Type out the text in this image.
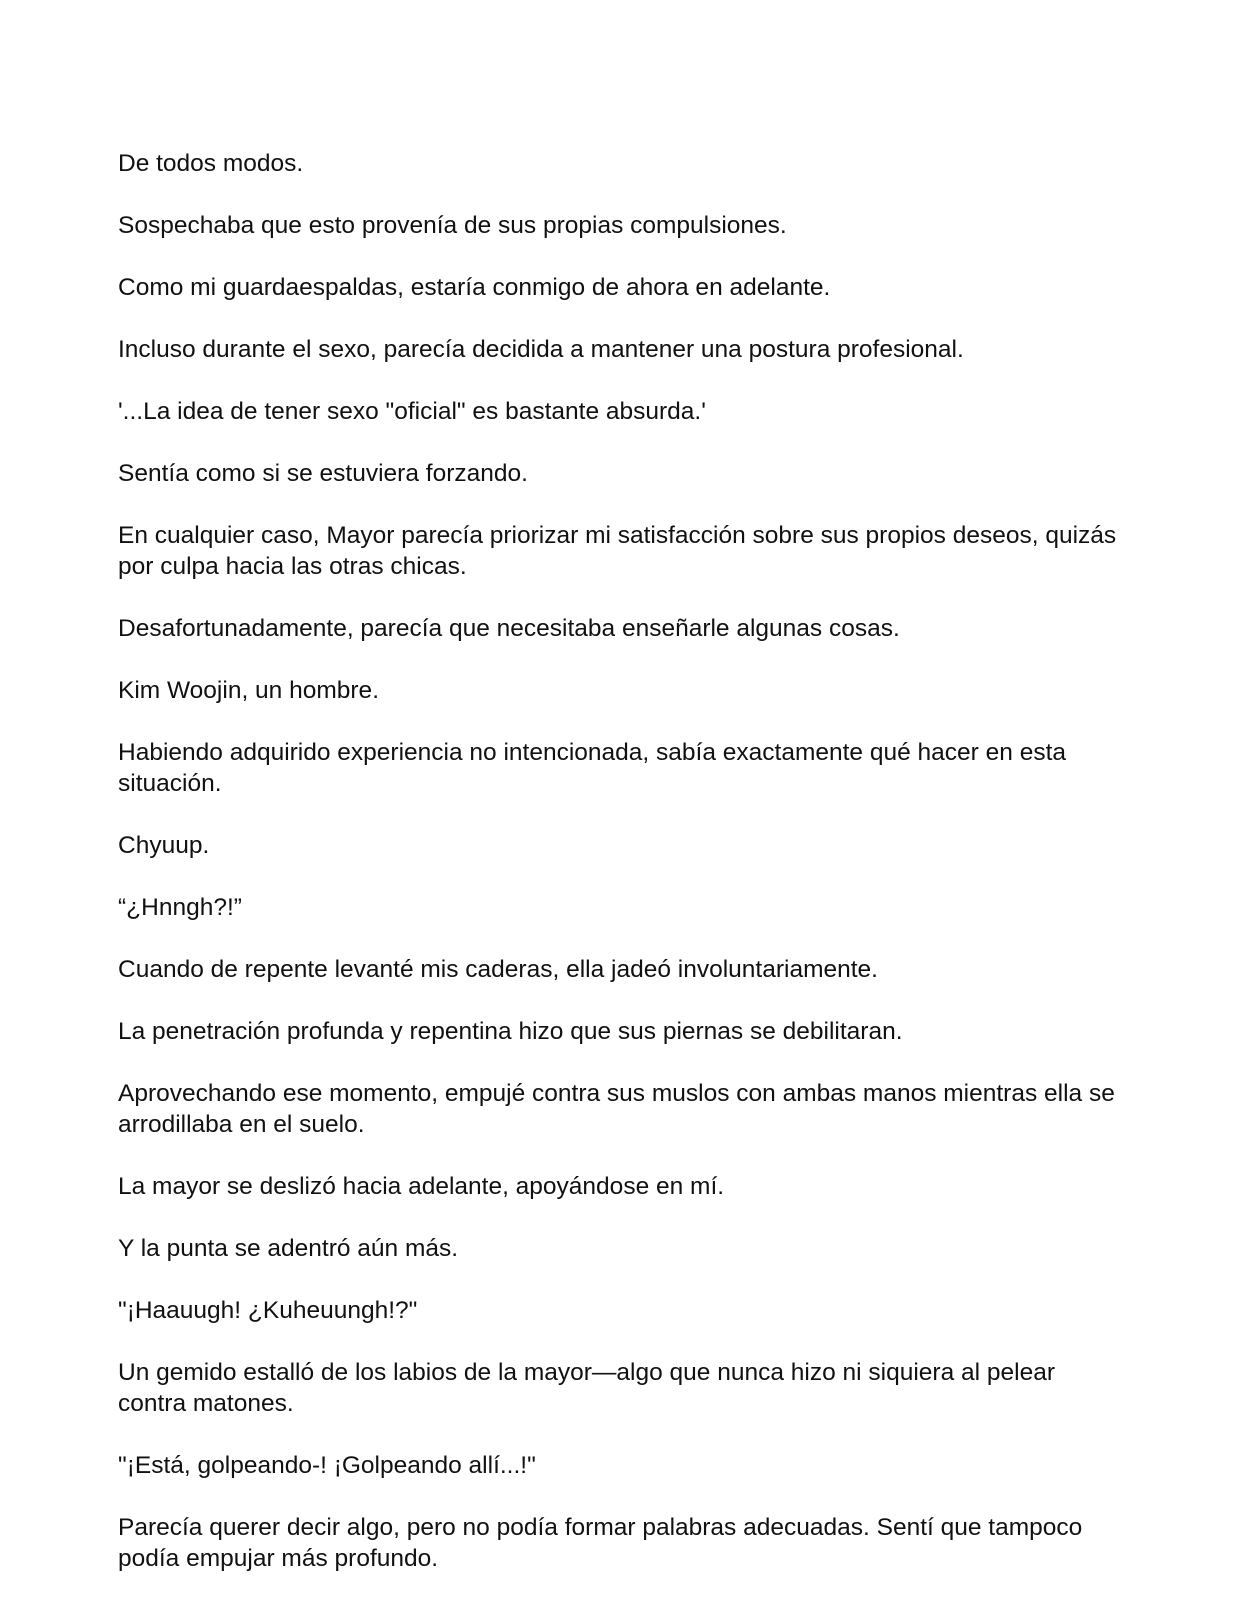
De todos modos.

Sospechaba que esto provenía de sus propias compulsiones.

Como mi guardaespaldas, estaría conmigo de ahora en adelante.

Incluso durante el sexo, parecía decidida a mantener una postura profesional.

'...La idea de tener sexo "oficial" es bastante absurda.'

Sentía como si se estuviera forzando.

En cualquier caso, Mayor parecía priorizar mi satisfacción sobre sus propios deseos, quizás por culpa hacia las otras chicas.

Desafortunadamente, parecía que necesitaba enseñarle algunas cosas.

Kim Woojin, un hombre.

Habiendo adquirido experiencia no intencionada, sabía exactamente qué hacer en esta situación.

Chyuup.

“¿Hnngh?!”

Cuando de repente levanté mis caderas, ella jadeó involuntariamente.

La penetración profunda y repentina hizo que sus piernas se debilitaran.

Aprovechando ese momento, empujé contra sus muslos con ambas manos mientras ella se arrodillaba en el suelo.

La mayor se deslizó hacia adelante, apoyándose en mí.

Y la punta se adentró aún más.

"¡Haauugh! ¿Kuheuungh!?"

Un gemido estalló de los labios de la mayor—algo que nunca hizo ni siquiera al pelear contra matones.

"¡Está, golpeando-! ¡Golpeando allí...!"

Parecía querer decir algo, pero no podía formar palabras adecuadas. Sentí que tampoco podía empujar más profundo.
